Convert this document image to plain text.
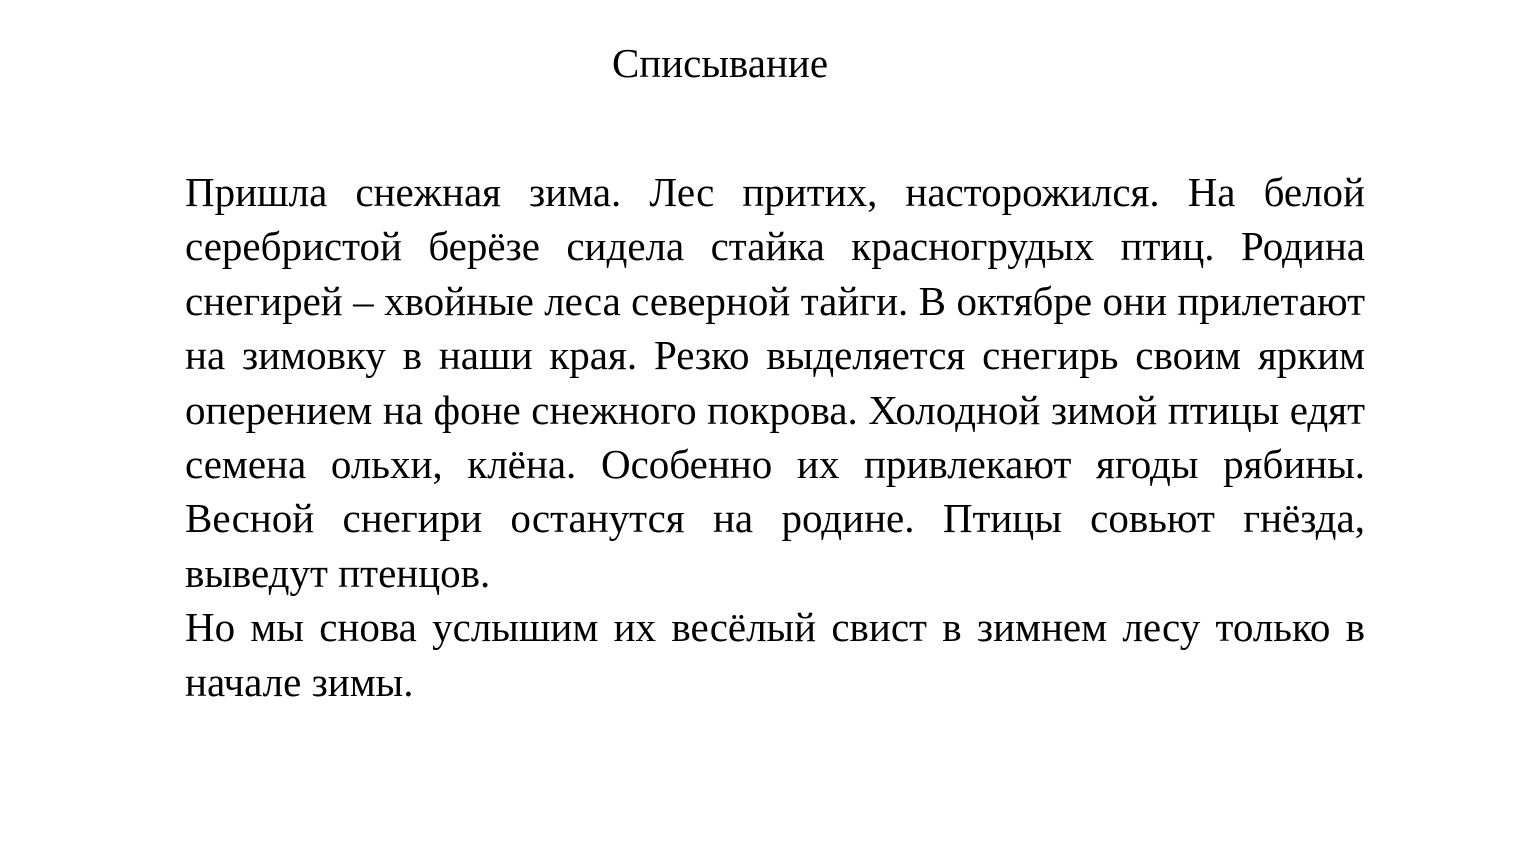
Списывание

Пришла снежная зима. Лес притих, насторожился. На белой серебристой берёзе сидела стайка красногрудых птиц. Родина снегирей – хвойные леса северной тайги. В октябре они прилетают на зимовку в наши края. Резко выделяется снегирь своим ярким оперением на фоне снежного покрова. Холодной зимой птицы едят семена ольхи, клёна. Особенно их привлекают ягоды рябины. Весной снегири останутся на родине. Птицы совьют гнёзда, выведут птенцов.

Но мы снова услышим их весёлый свист в зимнем лесу только в начале зимы.
